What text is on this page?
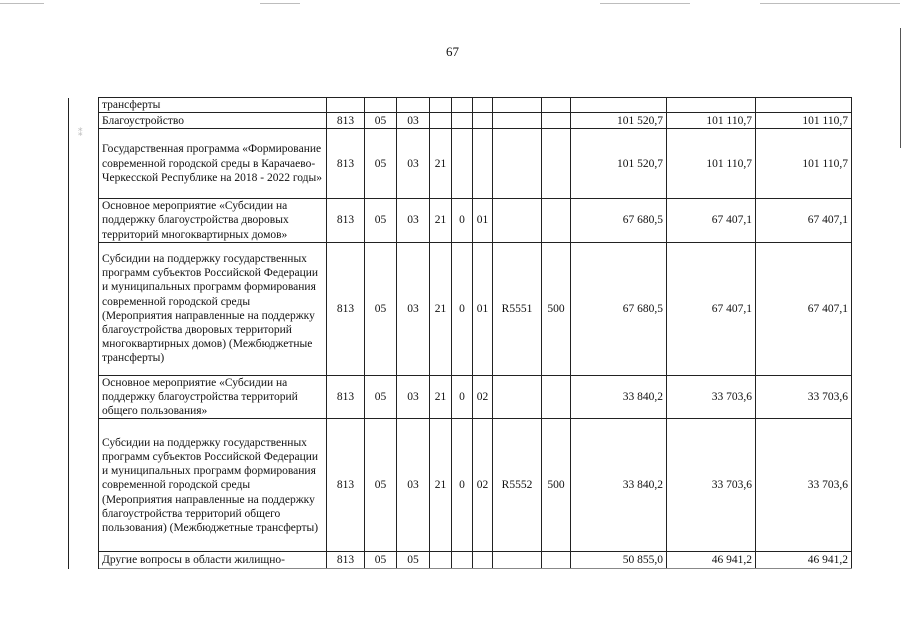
⁑
67
	трансферты											
	Благоустройство	813	05	03						101 520,7	101 110,7	101 110,7
	Государственная программа «Формирование современной городской среды в Карачаево-Черкесской Республике на 2018 - 2022 годы»	813	05	03	21					101 520,7	101 110,7	101 110,7
	Основное мероприятие «Субсидии на поддержку благоустройства дворовых территорий многоквартирных домов»	813	05	03	21	0	01			67 680,5	67 407,1	67 407,1
	Субсидии на поддержку государственных программ субъектов Российской Федерации и муниципальных программ формирования современной городской среды (Мероприятия направленные на поддержку благоустройства дворовых территорий многоквартирных домов) (Межбюджетные трансферты)	813	05	03	21	0	01	R5551	500	67 680,5	67 407,1	67 407,1
	Основное мероприятие «Субсидии на поддержку благоустройства территорий общего пользования»	813	05	03	21	0	02			33 840,2	33 703,6	33 703,6
	Субсидии на поддержку государственных программ субъектов Российской Федерации и муниципальных программ формирования современной городской среды (Мероприятия направленные на поддержку благоустройства территорий общего пользования) (Межбюджетные трансферты)	813	05	03	21	0	02	R5552	500	33 840,2	33 703,6	33 703,6
	Другие вопросы в области жилищно-	813	05	05						50 855,0	46 941,2	46 941,2
